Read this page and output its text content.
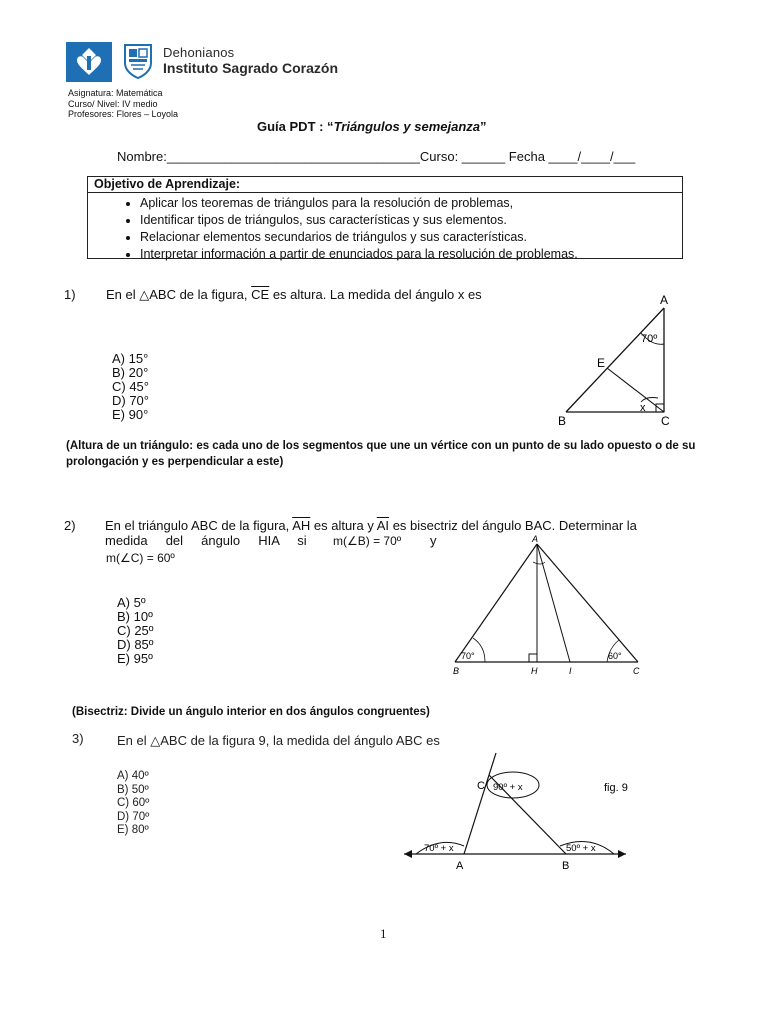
Dehonianos
Instituto Sagrado Corazón
Asignatura: Matemática
Curso/ Nivel: IV medio
Profesores: Flores – Loyola
Guía PDT : “Triángulos y semejanza”
Nombre:___________________________________Curso: ______ Fecha ____/____/___
Objetivo de Aprendizaje:
• Aplicar los teoremas de triángulos para la resolución de problemas,
• Identificar tipos de triángulos, sus características y sus elementos.
• Relacionar elementos secundarios de triángulos y sus características.
• Interpretar información a partir de enunciados para la resolución de problemas.
1) En el △ABC de la figura, $\overline{CE}$ es altura. La medida del ángulo x es
A) 15°
B) 20°
C) 45°
D) 70°
E) 90°
A
B	C
E
70º
x
(Altura de un triángulo: es cada uno de los segmentos que une un vértice con un punto de su lado opuesto o de su prolongación y es perpendicular a este)
2) En el triángulo ABC de la figura, $\overline{AH}$ es altura y $\overline{AI}$ es bisectriz del ángulo BAC. Determinar la
medida     del     ángulo     HIA     si m(∠B) = 70º y
m(∠C) = 60º
A) 5º
B) 10º
C) 25º
D) 85º
E) 95º
A
B	H	I	C
70°	60°
(Bisectriz: Divide un ángulo interior en dos ángulos congruentes)
3)	En el △ABC de la figura 9, la medida del ángulo ABC es
A) 40º
B) 50º
C) 60º
D) 70º
E) 80º
C
A	B
90º + x
70º + x	50º + x
fig. 9
1
